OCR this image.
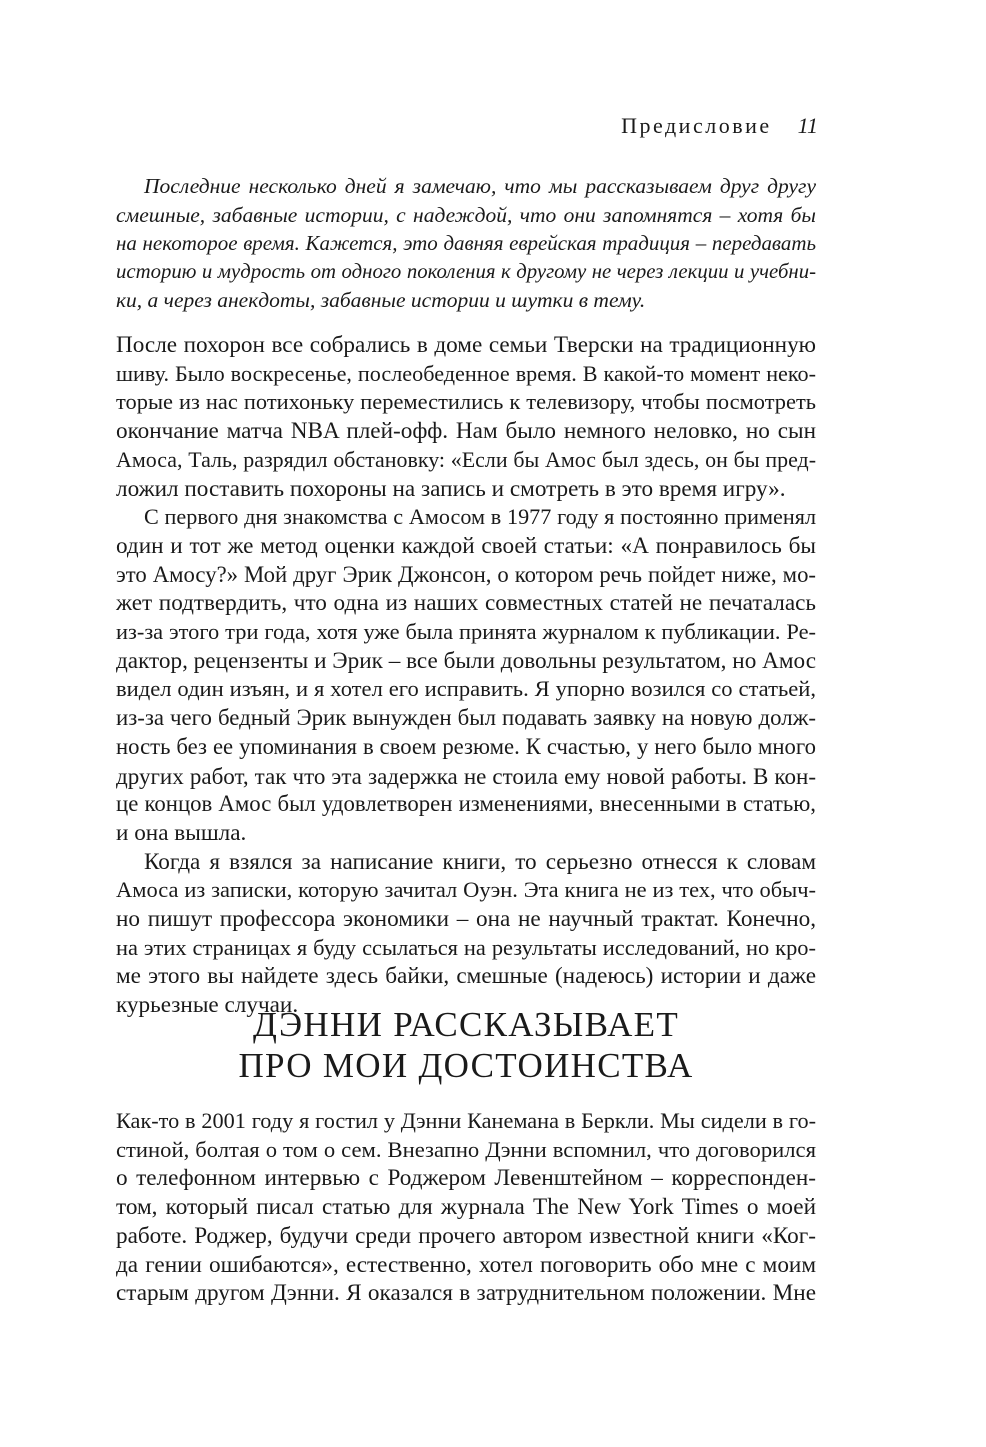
Предисловие 11
Последние несколько дней я замечаю, что мы рассказываем друг другу
смешные, забавные истории, с надеждой, что они запомнятся – хотя бы
на некоторое время. Кажется, это давняя еврейская традиция – передавать
историю и мудрость от одного поколения к другому не через лекции и учебни-
ки, а через анекдоты, забавные истории и шутки в тему.
После похорон все собрались в доме семьи Тверски на традиционную
шиву. Было воскресенье, послеобеденное время. В какой-то момент неко-
торые из нас потихоньку переместились к телевизору, чтобы посмотреть
окончание матча NBA плей-офф. Нам было немного неловко, но сын
Амоса, Таль, разрядил обстановку: «Если бы Амос был здесь, он бы пред-
ложил поставить похороны на запись и смотреть в это время игру».
С первого дня знакомства с Амосом в 1977 году я постоянно применял
один и тот же метод оценки каждой своей статьи: «А понравилось бы
это Амосу?» Мой друг Эрик Джонсон, о котором речь пойдет ниже, мо-
жет подтвердить, что одна из наших совместных статей не печаталась
из-за этого три года, хотя уже была принята журналом к публикации. Ре-
дактор, рецензенты и Эрик – все были довольны результатом, но Амос
видел один изъян, и я хотел его исправить. Я упорно возился со статьей,
из-за чего бедный Эрик вынужден был подавать заявку на новую долж-
ность без ее упоминания в своем резюме. К счастью, у него было много
других работ, так что эта задержка не стоила ему новой работы. В кон-
це концов Амос был удовлетворен изменениями, внесенными в статью,
и она вышла.
Когда я взялся за написание книги, то серьезно отнесся к словам
Амоса из записки, которую зачитал Оуэн. Эта книга не из тех, что обыч-
но пишут профессора экономики – она не научный трактат. Конечно,
на этих страницах я буду ссылаться на результаты исследований, но кро-
ме этого вы найдете здесь байки, смешные (надеюсь) истории и даже
курьезные случаи.
ДЭННИ РАССКАЗЫВАЕТ
ПРО МОИ ДОСТОИНСТВА
Как-то в 2001 году я гостил у Дэнни Канемана в Беркли. Мы сидели в го-
стиной, болтая о том о сем. Внезапно Дэнни вспомнил, что договорился
о телефонном интервью с Роджером Левенштейном – корреспонден-
том, который писал статью для журнала The New York Times о моей
работе. Роджер, будучи среди прочего автором известной книги «Ког-
да гении ошибаются», естественно, хотел поговорить обо мне с моим
старым другом Дэнни. Я оказался в затруднительном положении. Мне
